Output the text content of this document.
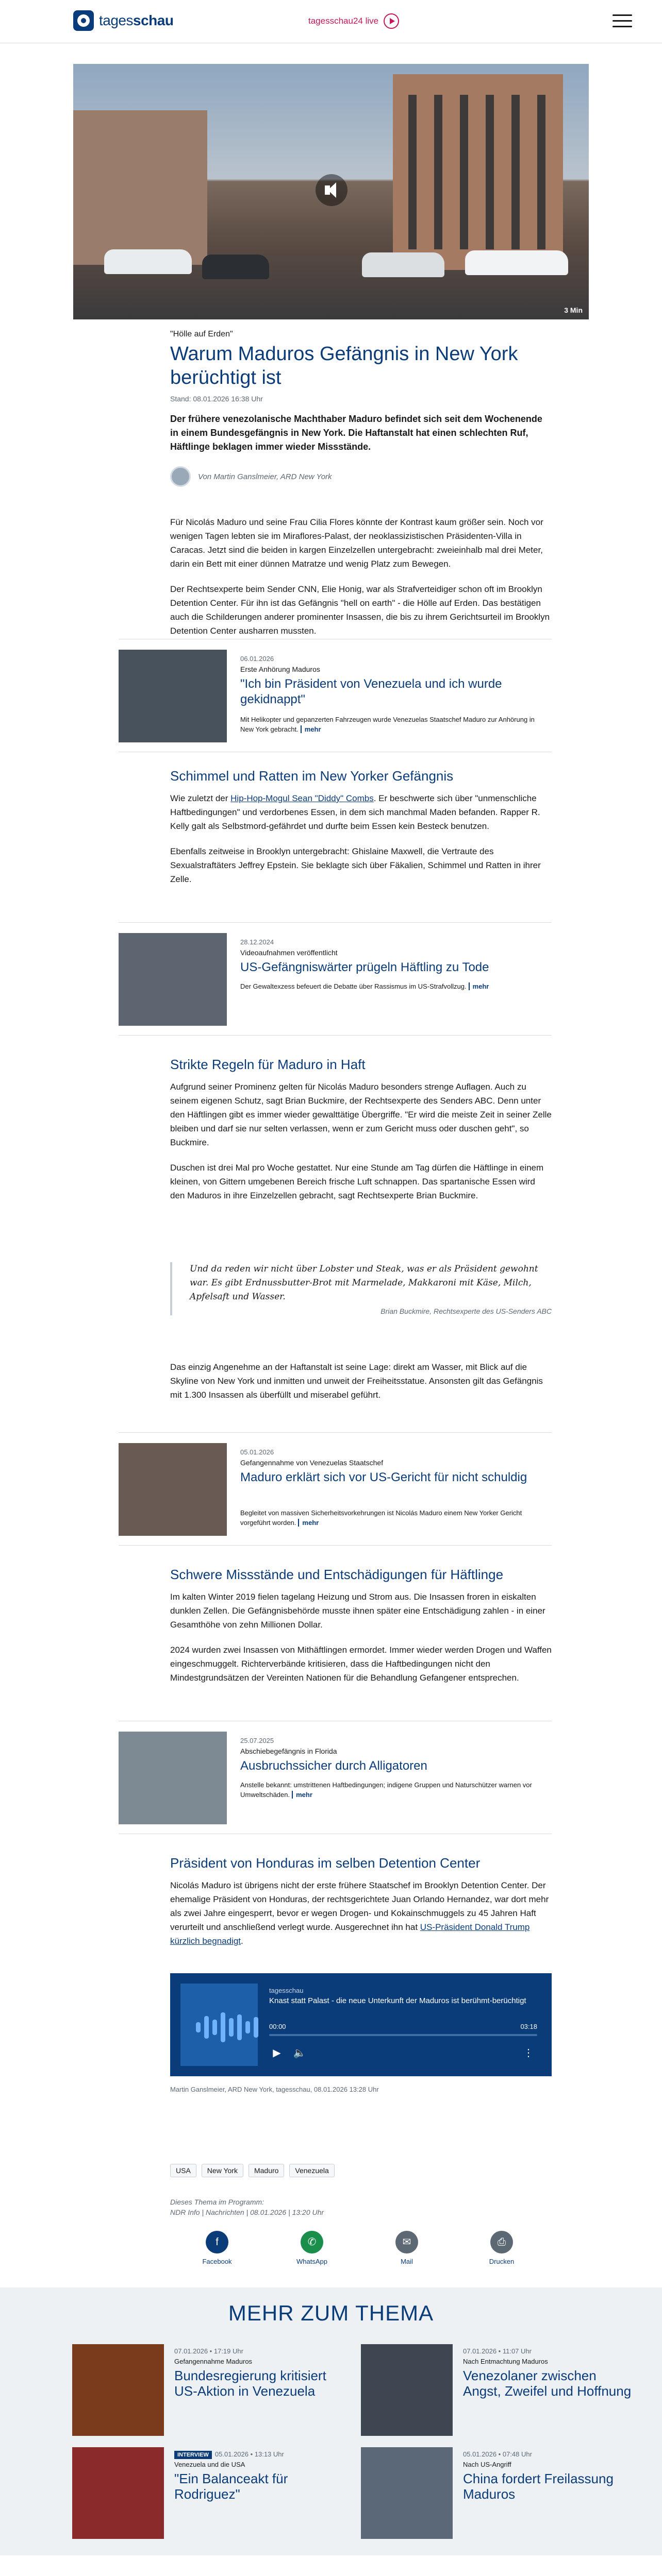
tagesschau	tagesschau24 live
3 Min
"Hölle auf Erden"
Warum Maduros Gefängnis in New York berüchtigt ist
Stand: 08.01.2026 16:38 Uhr

Der frühere venezolanische Machthaber Maduro befindet sich seit dem Wochenende in einem Bundesgefängnis in New York. Die Haftanstalt hat einen schlechten Ruf, Häftlinge beklagen immer wieder Missstände.

Von Martin Ganslmeier, ARD New York

Für Nicolás Maduro und seine Frau Cilia Flores könnte der Kontrast kaum größer sein. Noch vor wenigen Tagen lebten sie im Miraflores-Palast, der neoklassizistischen Präsidenten-Villa in Caracas. Jetzt sind die beiden in kargen Einzelzellen untergebracht: zweieinhalb mal drei Meter, darin ein Bett mit einer dünnen Matratze und wenig Platz zum Bewegen.

Der Rechtsexperte beim Sender CNN, Elie Honig, war als Strafverteidiger schon oft im Brooklyn Detention Center. Für ihn ist das Gefängnis "hell on earth" - die Hölle auf Erden. Das bestätigen auch die Schilderungen anderer prominenter Insassen, die bis zu ihrem Gerichtsurteil im Brooklyn Detention Center ausharren mussten.

06.01.2026
Erste Anhörung Maduros
"Ich bin Präsident von Venezuela und ich wurde gekidnappt"
Mit Helikopter und gepanzerten Fahrzeugen wurde Venezuelas Staatschef Maduro zur Anhörung in New York gebracht. mehr
Schimmel und Ratten im New Yorker Gefängnis

Wie zuletzt der Hip-Hop-Mogul Sean "Diddy" Combs. Er beschwerte sich über "unmenschliche Haftbedingungen" und verdorbenes Essen, in dem sich manchmal Maden befanden. Rapper R. Kelly galt als Selbstmord-gefährdet und durfte beim Essen kein Besteck benutzen.

Ebenfalls zeitweise in Brooklyn untergebracht: Ghislaine Maxwell, die Vertraute des Sexualstraftäters Jeffrey Epstein. Sie beklagte sich über Fäkalien, Schimmel und Ratten in ihrer Zelle.

28.12.2024
Videoaufnahmen veröffentlicht
US-Gefängniswärter prügeln Häftling zu Tode
Der Gewaltexzess befeuert die Debatte über Rassismus im US-Strafvollzug. mehr
Strikte Regeln für Maduro in Haft

Aufgrund seiner Prominenz gelten für Nicolás Maduro besonders strenge Auflagen. Auch zu seinem eigenen Schutz, sagt Brian Buckmire, der Rechtsexperte des Senders ABC. Denn unter den Häftlingen gibt es immer wieder gewalttätige Übergriffe. "Er wird die meiste Zeit in seiner Zelle bleiben und darf sie nur selten verlassen, wenn er zum Gericht muss oder duschen geht", so Buckmire.

Duschen ist drei Mal pro Woche gestattet. Nur eine Stunde am Tag dürfen die Häftlinge in einem kleinen, von Gittern umgebenen Bereich frische Luft schnappen. Das spartanische Essen wird den Maduros in ihre Einzelzellen gebracht, sagt Rechtsexperte Brian Buckmire.

Und da reden wir nicht über Lobster und Steak, was er als Präsident gewohnt war. Es gibt Erdnussbutter-Brot mit Marmelade, Makkaroni mit Käse, Milch, Apfelsaft und Wasser.

Brian Buckmire, Rechtsexperte des US-Senders ABC

Das einzig Angenehme an der Haftanstalt ist seine Lage: direkt am Wasser, mit Blick auf die Skyline von New York und inmitten und unweit der Freiheitsstatue. Ansonsten gilt das Gefängnis mit 1.300 Insassen als überfüllt und miserabel geführt.

05.01.2026
Gefangennahme von Venezuelas Staatschef
Maduro erklärt sich vor US-Gericht für nicht schuldig
Begleitet von massiven Sicherheitsvorkehrungen ist Nicolás Maduro einem New Yorker Gericht vorgeführt worden. mehr
Schwere Missstände und Entschädigungen für Häftlinge

Im kalten Winter 2019 fielen tagelang Heizung und Strom aus. Die Insassen froren in eiskalten dunklen Zellen. Die Gefängnisbehörde musste ihnen später eine Entschädigung zahlen - in einer Gesamthöhe von zehn Millionen Dollar.

2024 wurden zwei Insassen von Mithäftlingen ermordet. Immer wieder werden Drogen und Waffen eingeschmuggelt. Richterverbände kritisieren, dass die Haftbedingungen nicht den Mindestgrundsätzen der Vereinten Nationen für die Behandlung Gefangener entsprechen.

25.07.2025
Abschiebegefängnis in Florida
Ausbruchssicher durch Alligatoren
Anstelle bekannt: umstrittenen Haftbedingungen; indigene Gruppen und Naturschützer warnen vor Umweltschäden. mehr
Präsident von Honduras im selben Detention Center

Nicolás Maduro ist übrigens nicht der erste frühere Staatschef im Brooklyn Detention Center. Der ehemalige Präsident von Honduras, der rechtsgerichtete Juan Orlando Hernandez, war dort mehr als zwei Jahre eingesperrt, bevor er wegen Drogen- und Kokainschmuggels zu 45 Jahren Haft verurteilt und anschließend verlegt wurde. Ausgerechnet ihn hat US-Präsident Donald Trump kürzlich begnadigt.

tagesschau
Knast statt Palast - die neue Unterkunft der Maduros ist berühmt-berüchtigt
00:00	03:18
▶	🔈	⋮
Martin Ganslmeier, ARD New York, tagesschau, 08.01.2026 13:28 Uhr
USA	New York	Maduro	Venezuela
Dieses Thema im Programm:
NDR Info | Nachrichten | 08.01.2026 | 13:20 Uhr
f
Facebook
✆
WhatsApp
✉
Mail
⎙
Drucken
MEHR ZUM THEMA
07.01.2026 • 17:19 Uhr
Gefangennahme Maduros
Bundesregierung kritisiert US-Aktion in Venezuela
07.01.2026 • 11:07 Uhr
Nach Entmachtung Maduros
Venezolaner zwischen Angst, Zweifel und Hoffnung
INTERVIEW 05.01.2026 • 13:13 Uhr
Venezuela und die USA
"Ein Balanceakt für Rodriguez"
05.01.2026 • 07:48 Uhr
Nach US-Angriff
China fordert Freilassung Maduros
